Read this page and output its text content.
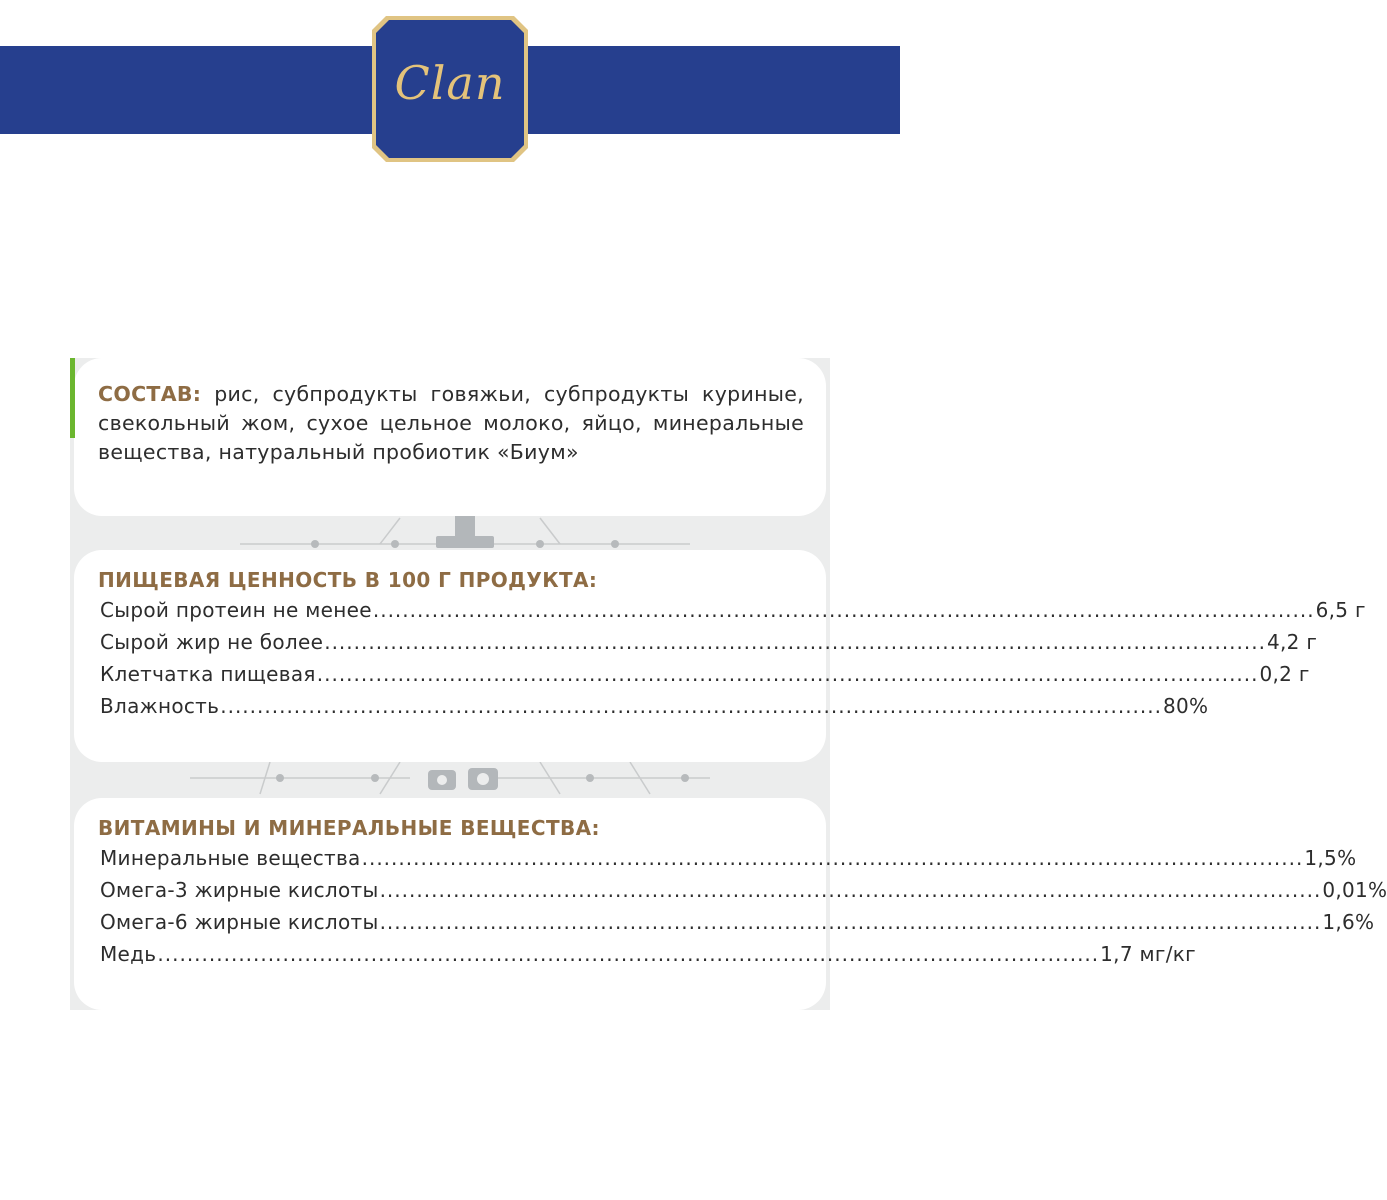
Clan
СОСТАВ: рис, субпродукты говяжьи, субпродукты куриные, свекольный жом, сухое цельное молоко, яйцо, минеральные вещества, натуральный пробиотик «Биум»
ПИЩЕВАЯ ЦЕННОСТЬ В 100 Г ПРОДУКТА:
Сырой протеин не менее ................................................................................................................................ 6,5 г
Сырой жир не более ................................................................................................................................ 4,2 г
Клетчатка пищевая ................................................................................................................................ 0,2 г
Влажность ................................................................................................................................ 80%
ВИТАМИНЫ И МИНЕРАЛЬНЫЕ ВЕЩЕСТВА:
Минеральные вещества ................................................................................................................................ 1,5%
Омега-3 жирные кислоты ................................................................................................................................ 0,01%
Омега-6 жирные кислоты ................................................................................................................................ 1,6%
Медь ................................................................................................................................ 1,7 мг/кг
